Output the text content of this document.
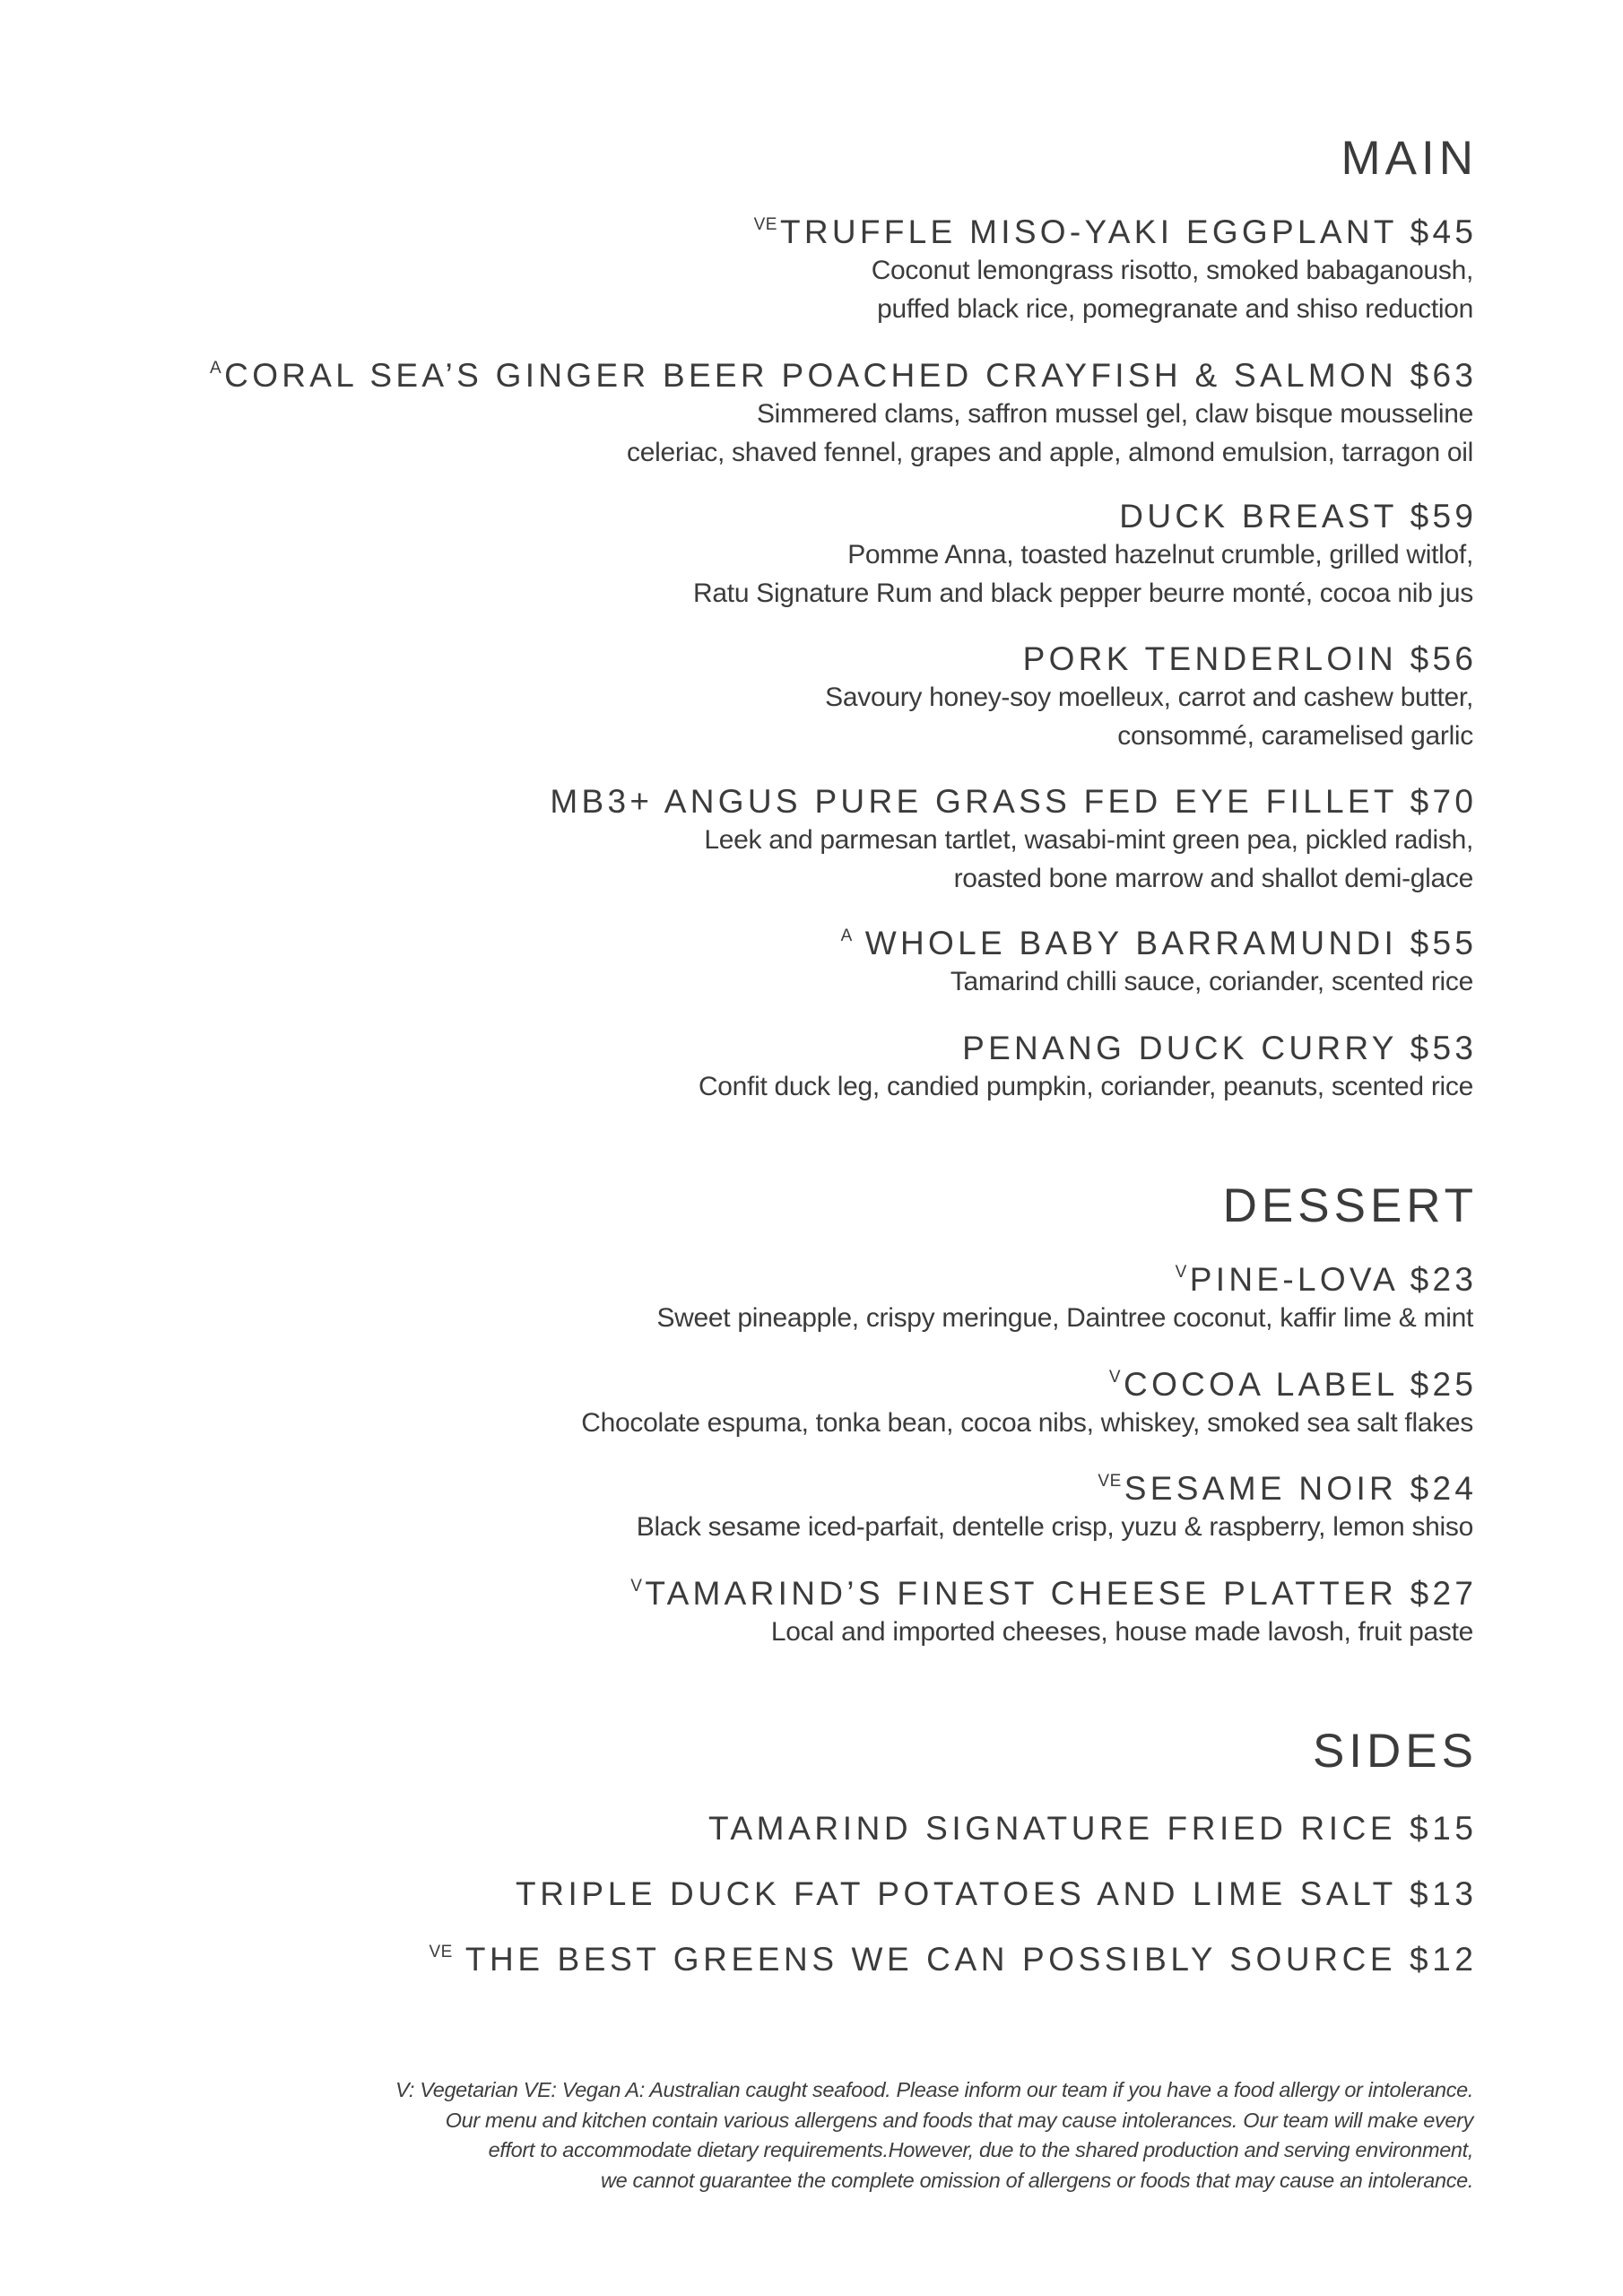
MAIN
$^{VE}$TRUFFLE MISO-YAKI EGGPLANT $45
Coconut lemongrass risotto, smoked babaganoush,
puffed black rice, pomegranate and shiso reduction
$^A$CORAL SEA’S GINGER BEER POACHED CRAYFISH & SALMON $63
Simmered clams, saffron mussel gel, claw bisque mousseline
celeriac, shaved fennel, grapes and apple, almond emulsion, tarragon oil
DUCK BREAST $59
Pomme Anna, toasted hazelnut crumble, grilled witlof,
Ratu Signature Rum and black pepper beurre monté, cocoa nib jus
PORK TENDERLOIN $56
Savoury honey-soy moelleux, carrot and cashew butter,
consommé, caramelised garlic
MB3+ ANGUS PURE GRASS FED EYE FILLET $70
Leek and parmesan tartlet, wasabi-mint green pea, pickled radish,
roasted bone marrow and shallot demi-glace
$^A$ WHOLE BABY BARRAMUNDI $55
Tamarind chilli sauce, coriander, scented rice
PENANG DUCK CURRY $53
Confit duck leg, candied pumpkin, coriander, peanuts, scented rice
DESSERT
$^V$PINE-LOVA $23
Sweet pineapple, crispy meringue, Daintree coconut, kaffir lime & mint
$^V$COCOA LABEL $25
Chocolate espuma, tonka bean, cocoa nibs, whiskey, smoked sea salt flakes
$^{VE}$SESAME NOIR $24
Black sesame iced-parfait, dentelle crisp, yuzu & raspberry, lemon shiso
$^V$TAMARIND’S FINEST CHEESE PLATTER $27
Local and imported cheeses, house made lavosh, fruit paste
SIDES
TAMARIND SIGNATURE FRIED RICE $15
TRIPLE DUCK FAT POTATOES AND LIME SALT $13
$^{VE}$ THE BEST GREENS WE CAN POSSIBLY SOURCE $12
V: Vegetarian VE: Vegan A: Australian caught seafood. Please inform our team if you have a food allergy or intolerance.
Our menu and kitchen contain various allergens and foods that may cause intolerances. Our team will make every
effort to accommodate dietary requirements.However, due to the shared production and serving environment,
we cannot guarantee the complete omission of allergens or foods that may cause an intolerance.
